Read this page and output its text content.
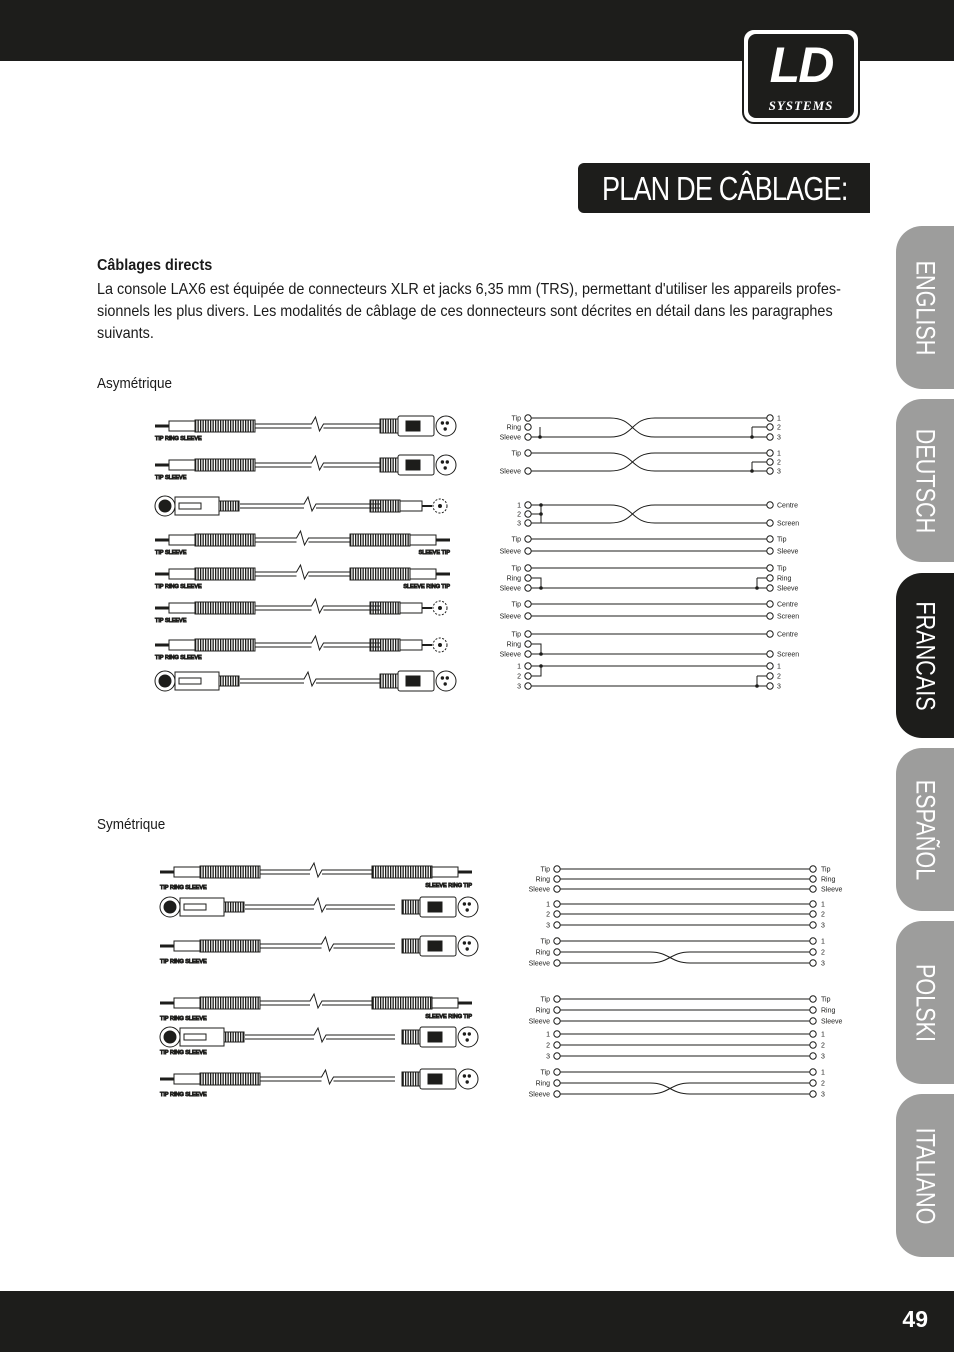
LD
SYSTEMS
PLAN DE CÂBLAGE:
ENGLISH
DEUTSCH
FRANCAIS
ESPAÑOL
POLSKI
ITALIANO
Câblages directs
La console LAX6 est équipée de connecteurs XLR et jacks 6,35 mm (TRS), permettant d'utiliser les appareils profes-sionnels les plus divers. Les modalités de câblage de ces donnecteurs sont décrites en détail dans les paragraphes suivants.
Asymétrique
Symétrique
TIP RING SLEEVE
TIP SLEEVE
TIP SLEEVE	SLEEVE TIP
TIP RING SLEEVE	SLEEVE RING TIP
TIP SLEEVE
TIP RING SLEEVE
TIP RING SLEEVE	SLEEVE RING TIP
TIP RING SLEEVE
TIP RING SLEEVE	SLEEVE RING TIP
TIP RING SLEEVE
TIP RING SLEEVE
Tip
Ring
Sleeve
1
2
3
Tip
Sleeve
1
2
3
1
2
3
Centre
Screen
Tip
Sleeve
Tip
Sleeve
Tip
Ring
Sleeve
Tip
Ring
Sleeve
Tip
Sleeve
Centre
Screen
Tip
Ring
Sleeve
Centre
Screen
1
2
3
1
2
3
Tip
Ring
Sleeve
Tip
Ring
Sleeve
1
2
3
1
2
3
Tip
Ring
Sleeve
1
2
3
Tip
Ring
Sleeve
Tip
Ring
Sleeve
1
2
3
1
2
3
Tip
Ring
Sleeve
1
2
3
49
